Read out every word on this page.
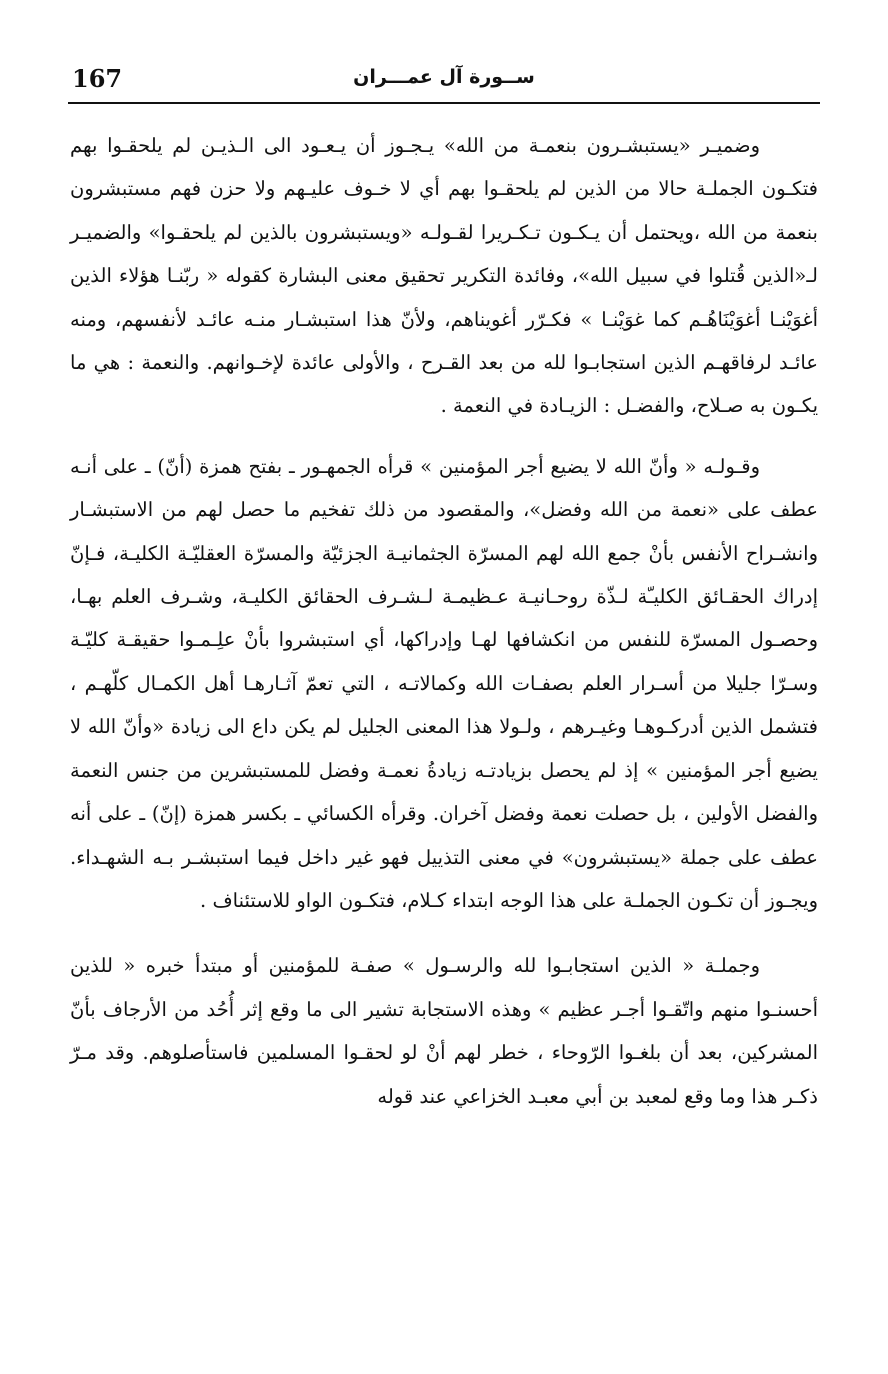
167	ســورة آل عمـــران

وضميـر «يستبشـرون بنعمـة من الله» يـجـوز أن يـعـود الى الـذيـن لم يلحقـوا بهم فتكـون الجملـة حالا من الذين لم يلحقـوا بهم أي لا خـوف عليـهم ولا حزن فهم مستبشرون بنعمة من الله ،ويحتمل أن يـكـون تـكـريرا لقـولـه «ويستبشرون بالذين لم يلحقـوا» والضميـر لـ«الذين قُتلوا في سبيل الله»، وفائدة التكرير تحقيق معنى البشارة كقوله « ربّنـا هؤلاء الذين أغوَيْنـا أغوَيْنَاهُـم كما غوَيْنـا » فكـرّر أغويناهم، ولأنّ هذا استبشـار منـه عائـد لأنفسهم، ومنه عائـد لرفاقهـم الذين استجابـوا لله من بعد القـرح ، والأولى عائدة لإخـوانهم. والنعمة : هي ما يكـون به صـلاح، والفضـل : الزيـادة في النعمة .

وقـولـه « وأنّ الله لا يضيع أجر المؤمنين » قرأه الجمهـور ـ بفتح همزة (أنّ) ـ على أنـه عطف على «نعمة من الله وفضل»، والمقصود من ذلك تفخيم ما حصل لهم من الاستبشـار وانشـراح الأنفس بأنْ جمع الله لهم المسرّة الجثمانيـة الجزئيّة والمسرّة العقليّـة الكليـة، فـإنّ إدراك الحقـائق الكليـّة لـذّة روحـانيـة عـظيمـة لـشـرف الحقائق الكليـة، وشـرف العلم بهـا، وحصـول المسرّة للنفس من انكشافها لهـا وإدراكها، أي استبشروا بأنْ علِـمـوا حقيقـة كليّـة وسـرّا جليلا من أسـرار العلم بصفـات الله وكمالاتـه ، التي تعمّ آثـارهـا أهل الكمـال كلّهـم ، فتشمل الذين أدركـوهـا وغيـرهم ، ولـولا هذا المعنى الجليل لم يكن داع الى زيادة «وأنّ الله لا يضيع أجر المؤمنين » إذ لم يحصل بزيادتـه زيادةُ نعمـة وفضل للمستبشرين من جنس النعمة والفضل الأولين ، بل حصلت نعمة وفضل آخران. وقرأه الكسائي ـ بكسر همزة (إنّ) ـ على أنه عطف على جملة «يستبشرون» في معنى التذييل فهو غير داخل فيما استبشـر بـه الشهـداء. ويجـوز أن تكـون الجملـة على هذا الوجه ابتداء كـلام، فتكـون الواو للاستئناف .

وجملـة « الذين استجابـوا لله والرسـول » صفـة للمؤمنين أو مبتدأ خبره « للذين أحسنـوا منهم واتّقـوا أجـر عظيم » وهذه الاستجابة تشير الى ما وقع إثر أُحُد من الأرجاف بأنّ المشركين، بعد أن بلغـوا الرّوحاء ، خطر لهم أنْ لو لحقـوا المسلمين فاستأصلوهم. وقد مـرّ ذكـر هذا وما وقع لمعبد بن أبي معبـد الخزاعي عند قوله
